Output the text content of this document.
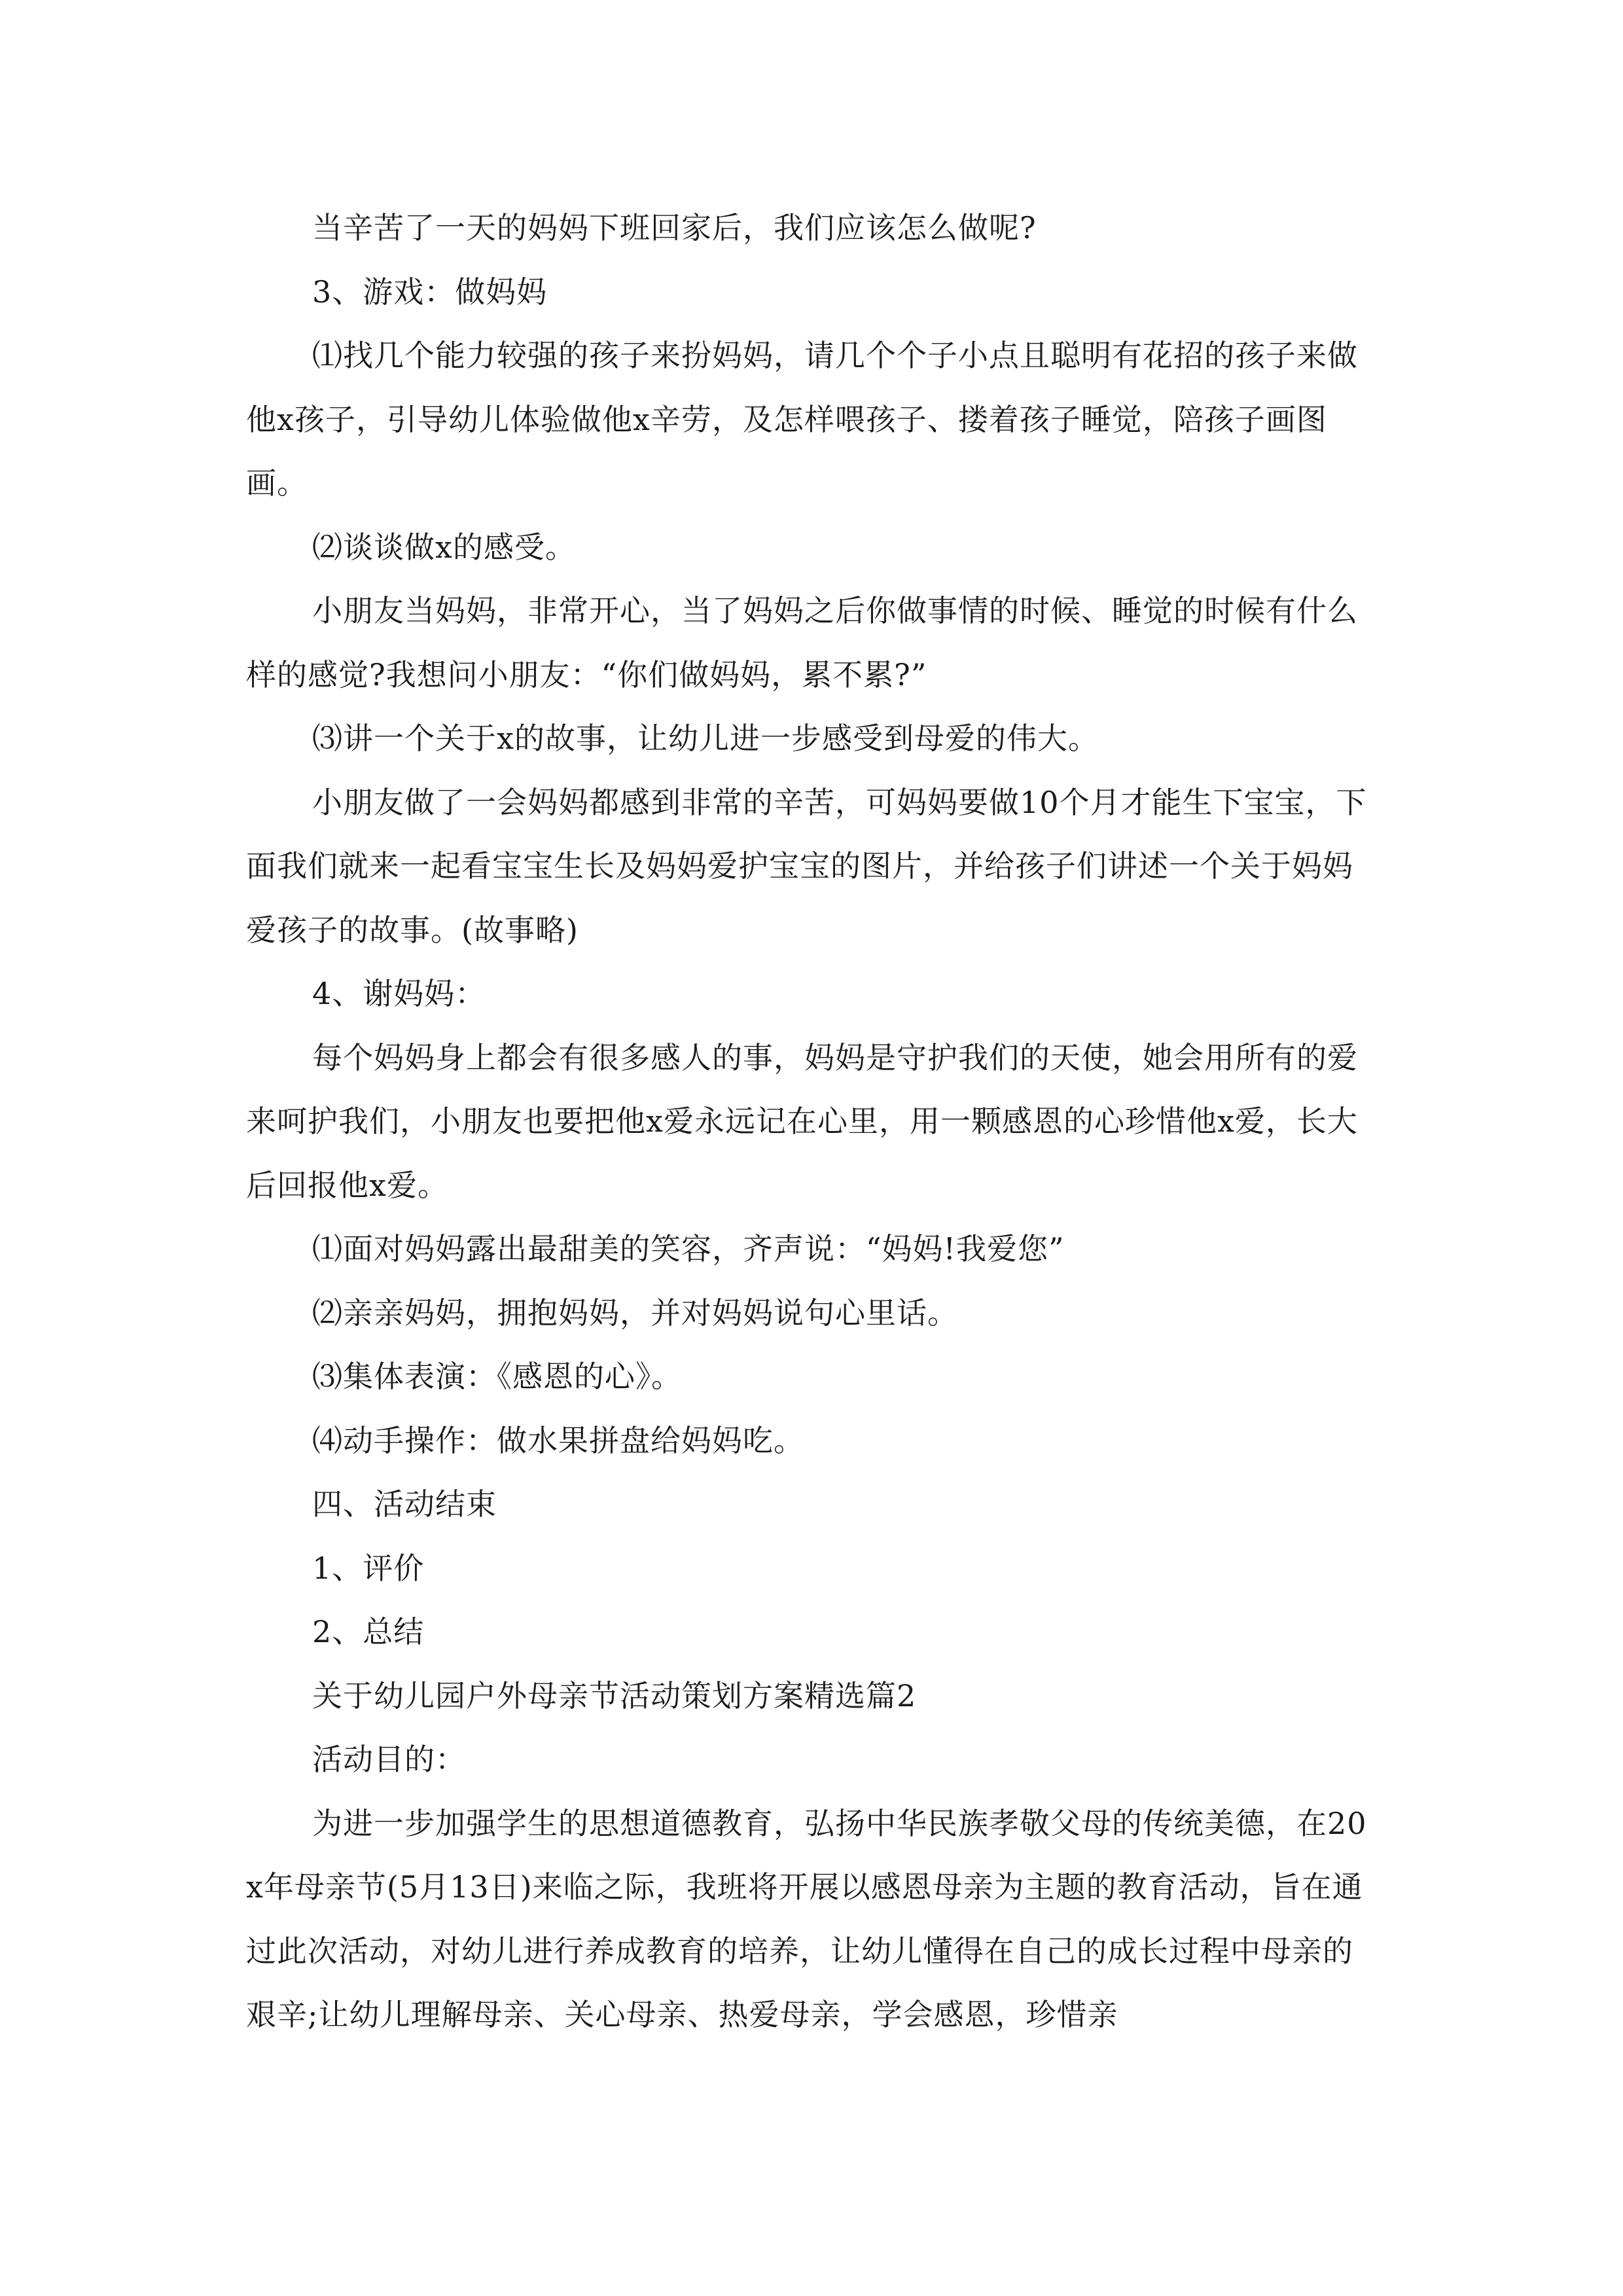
当辛苦了一天的妈妈下班回家后，我们应该怎么做呢?

3、游戏：做妈妈

⑴找几个能力较强的孩子来扮妈妈，请几个个子小点且聪明有花招的孩子来做他x孩子，引导幼儿体验做他x辛劳，及怎样喂孩子、搂着孩子睡觉，陪孩子画图画。

⑵谈谈做x的感受。

小朋友当妈妈，非常开心，当了妈妈之后你做事情的时候、睡觉的时候有什么样的感觉?我想问小朋友：“你们做妈妈，累不累?”

⑶讲一个关于x的故事，让幼儿进一步感受到母爱的伟大。

小朋友做了一会妈妈都感到非常的辛苦，可妈妈要做10个月才能生下宝宝，下面我们就来一起看宝宝生长及妈妈爱护宝宝的图片，并给孩子们讲述一个关于妈妈爱孩子的故事。(故事略)

4、谢妈妈：

每个妈妈身上都会有很多感人的事，妈妈是守护我们的天使，她会用所有的爱来呵护我们，小朋友也要把他x爱永远记在心里，用一颗感恩的心珍惜他x爱，长大后回报他x爱。

⑴面对妈妈露出最甜美的笑容，齐声说：“妈妈!我爱您”

⑵亲亲妈妈，拥抱妈妈，并对妈妈说句心里话。

⑶集体表演：《感恩的心》。

⑷动手操作：做水果拼盘给妈妈吃。

四、活动结束

1、评价

2、总结

关于幼儿园户外母亲节活动策划方案精选篇2

活动目的：

为进一步加强学生的思想道德教育，弘扬中华民族孝敬父母的传统美德，在20x年母亲节(5月13日)来临之际，我班将开展以感恩母亲为主题的教育活动，旨在通过此次活动，对幼儿进行养成教育的培养，让幼儿懂得在自己的成长过程中母亲的艰辛;让幼儿理解母亲、关心母亲、热爱母亲，学会感恩，珍惜亲
